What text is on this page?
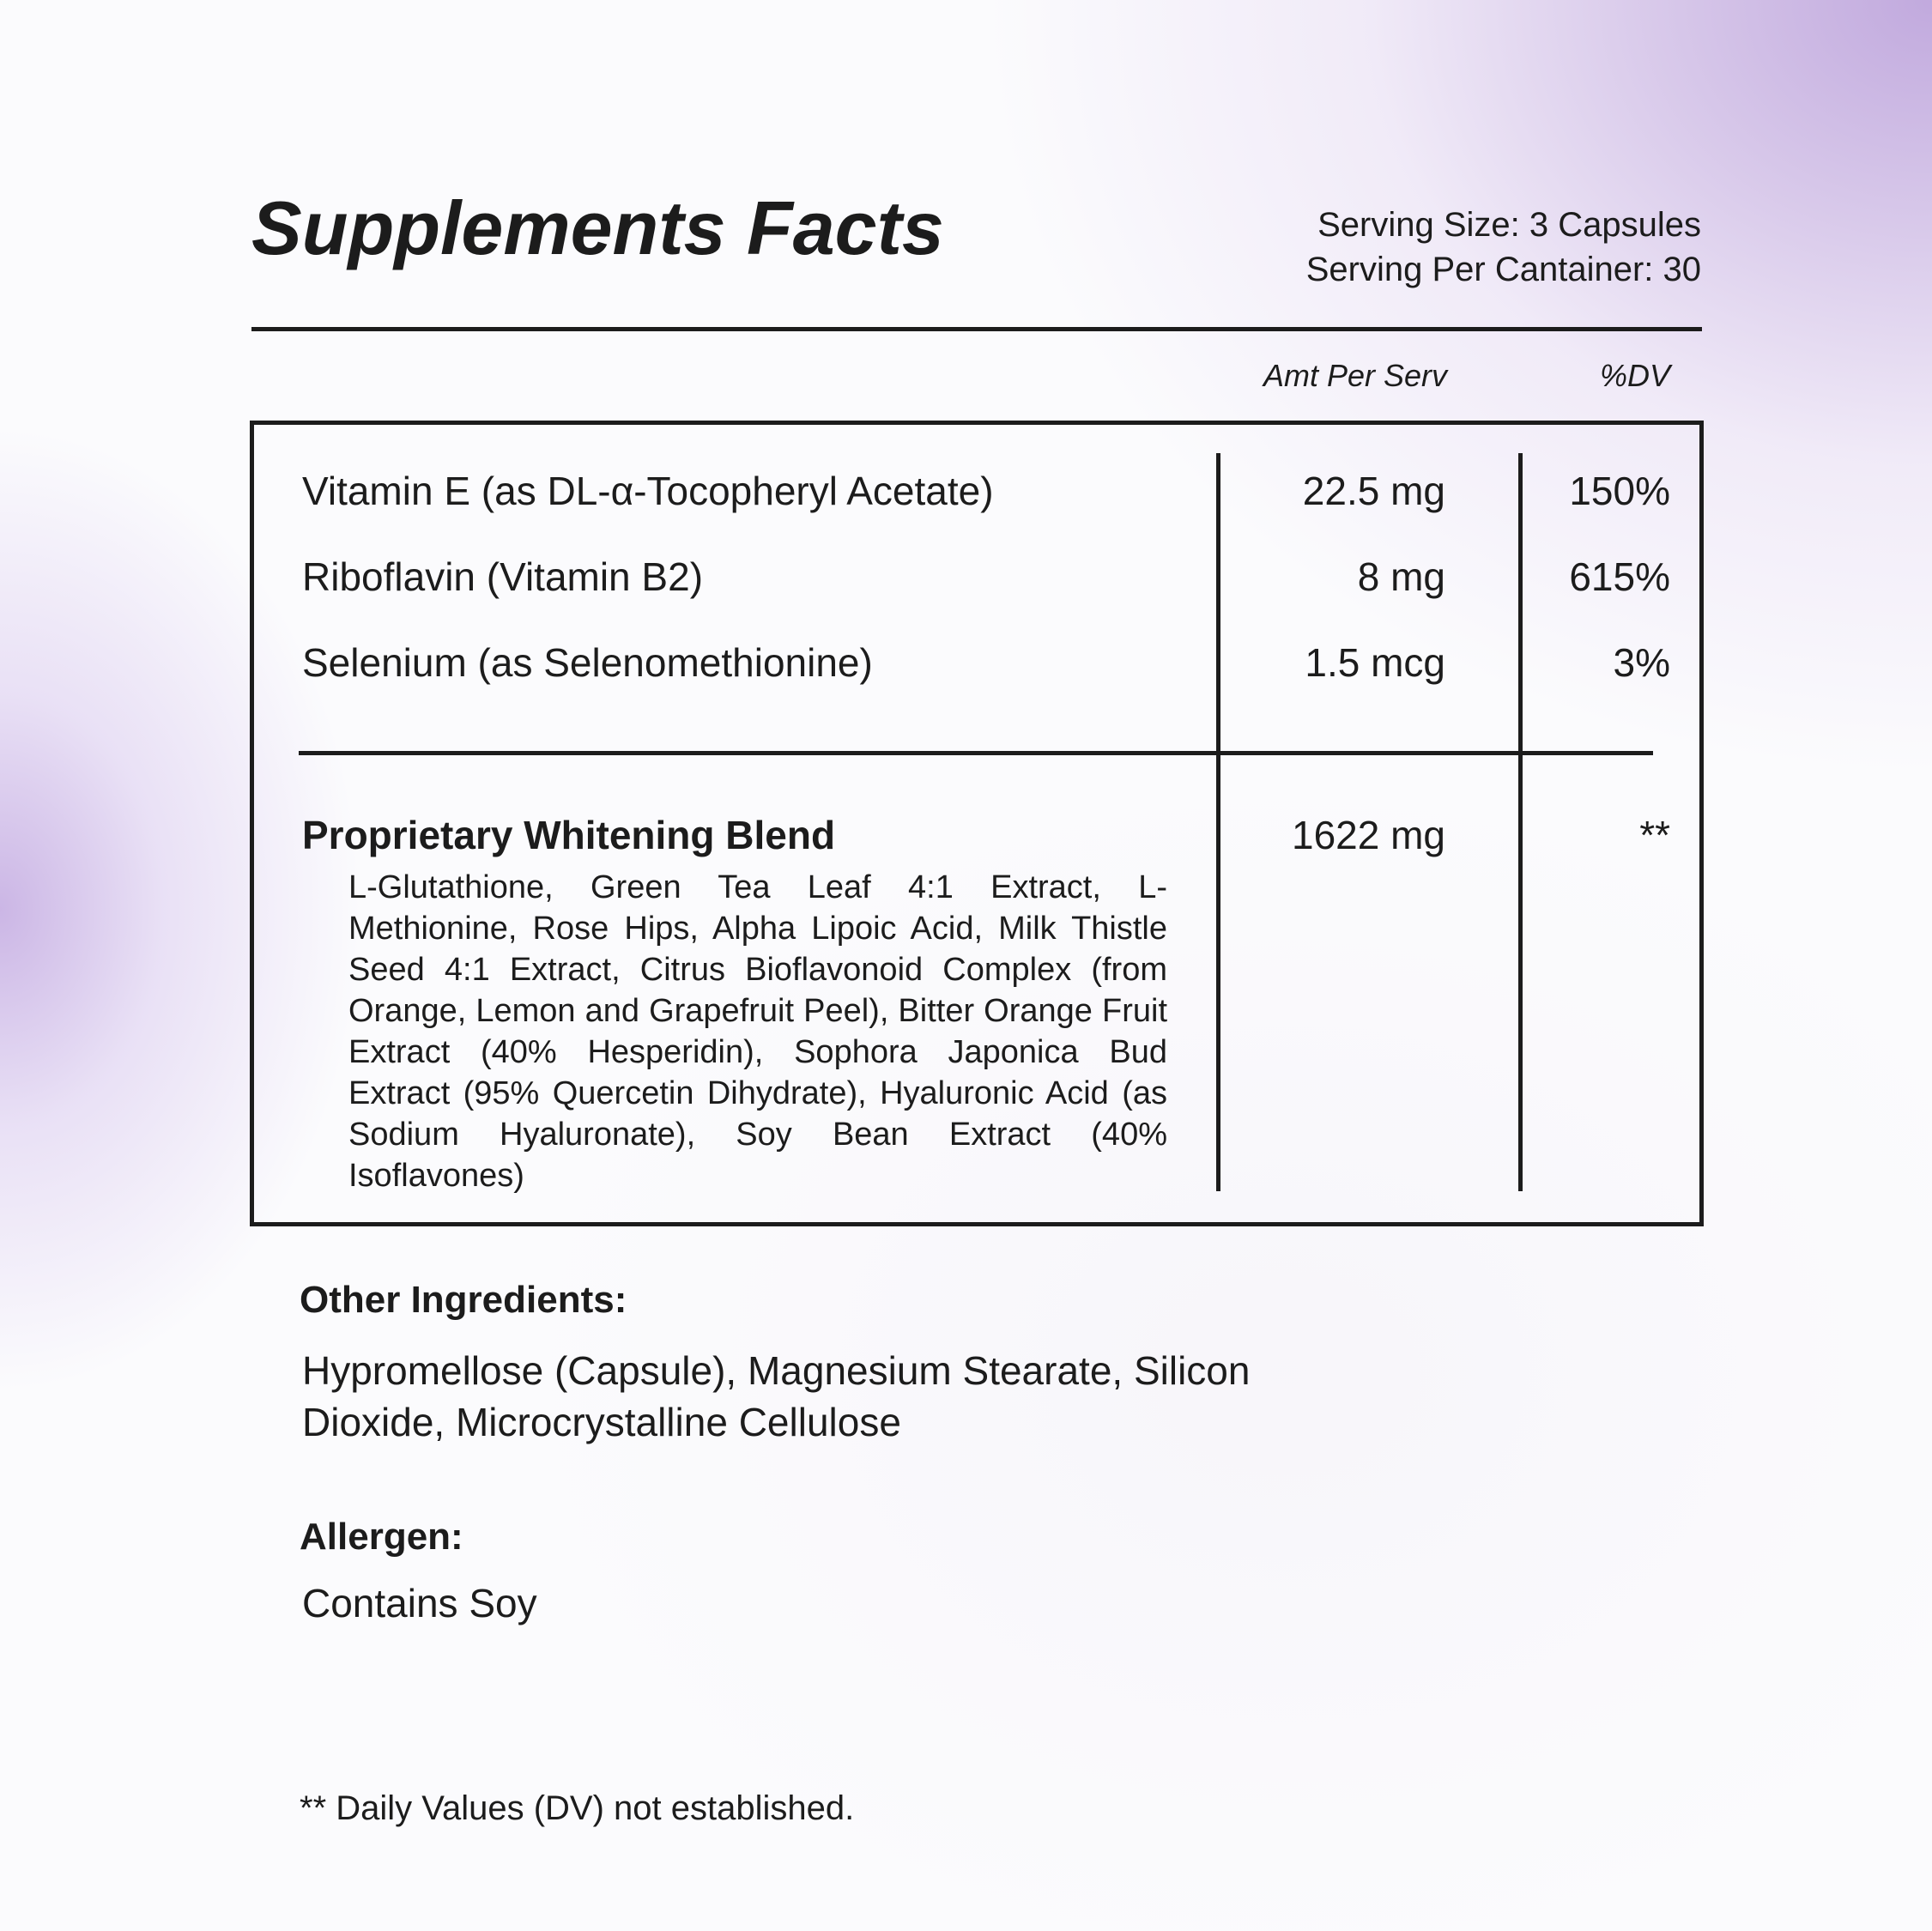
Supplements Facts	Serving Size: 3 Capsules
Serving Per Cantainer: 30
Amt Per Serv	%DV
Vitamin E (as DL-α-Tocopheryl Acetate)	22.5 mg	150%
Riboflavin (Vitamin B2)	8 mg	615%
Selenium (as Selenomethionine)	1.5 mcg	3%
Proprietary Whitening Blend	1622 mg	**
L-Glutathione, Green Tea Leaf 4:1 Extract, L-Methionine, Rose Hips, Alpha Lipoic Acid, Milk Thistle Seed 4:1 Extract, Citrus Bioflavonoid Complex (from Orange, Lemon and Grapefruit Peel), Bitter Orange Fruit Extract (40% Hesperidin), Sophora Japonica Bud Extract (95% Quercetin Dihydrate), Hyaluronic Acid (as Sodium Hyaluronate), Soy Bean Extract (40% Isoflavones)
Other Ingredients:
Hypromellose (Capsule), Magnesium Stearate, Silicon
Dioxide, Microcrystalline Cellulose
Allergen:
Contains Soy
** Daily Values (DV) not established.
